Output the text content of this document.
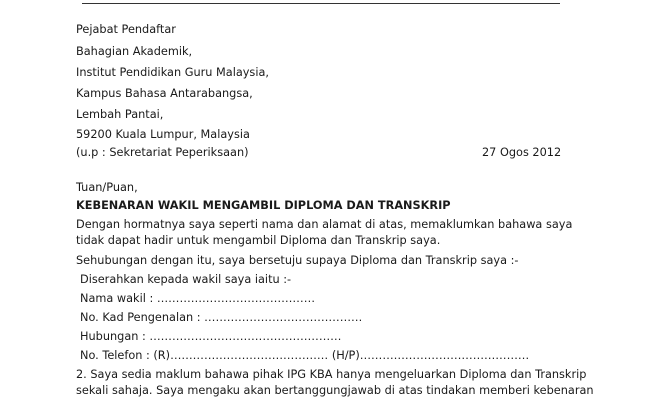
Pejabat Pendaftar
Bahagian Akademik,
Institut Pendidikan Guru Malaysia,
Kampus Bahasa Antarabangsa,
Lembah Pantai,
59200 Kuala Lumpur, Malaysia
(u.p : Sekretariat Peperiksaan)	27 Ogos 2012
Tuan/Puan,
KEBENARAN WAKIL MENGAMBIL DIPLOMA DAN TRANSKRIP
Dengan hormatnya saya seperti nama dan alamat di atas, memaklumkan bahawa saya
tidak dapat hadir untuk mengambil Diploma dan Transkrip saya.
Sehubungan dengan itu, saya bersetuju supaya Diploma dan Transkrip saya :-
Diserahkan kepada wakil saya iaitu :-
Nama wakil : ……………………………………
No. Kad Pengenalan : ……………………………………
Hubungan : ……………………………………………
No. Telefon : (R)…………………………………… (H/P)………………………………………
2. Saya sedia maklum bahawa pihak IPG KBA hanya mengeluarkan Diploma dan Transkrip
sekali sahaja. Saya mengaku akan bertanggungjawab di atas tindakan memberi kebenaran
